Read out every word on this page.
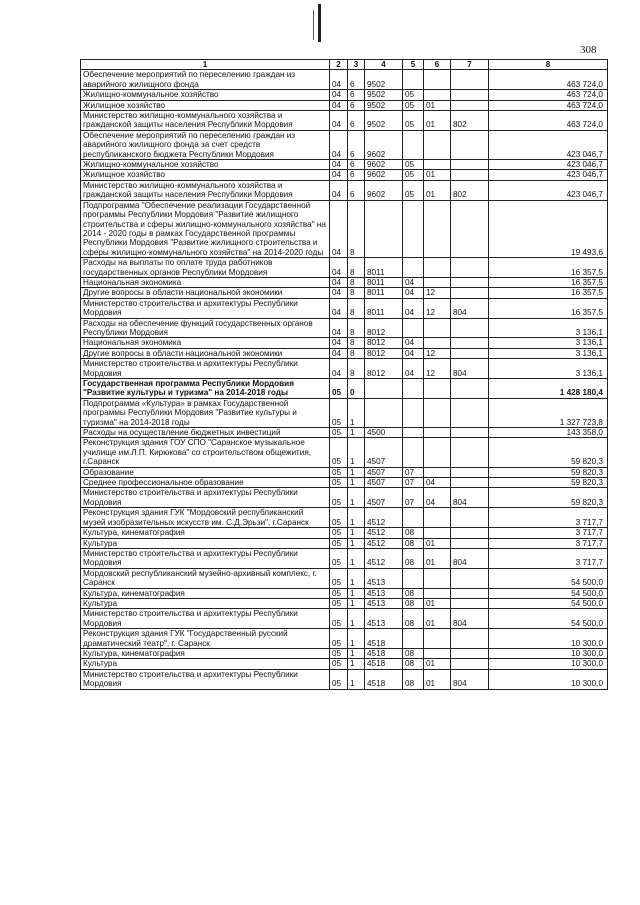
308
1	2	3	4	5	6	7	8
Обеспечение мероприятий по переселению граждан из аварийного жилищного фонда	04	6	9502				463 724,0
Жилищно-коммунальное хозяйство	04	6	9502	05			463 724,0
Жилищное хозяйство	04	6	9502	05	01		463 724,0
Министерство жилищно-коммунального хозяйства и гражданской защиты населения Республики Мордовия	04	6	9502	05	01	802	463 724,0
Обеспечение мероприятий по переселению граждан из аварийного жилищного фонда за счет средств республиканского бюджета Республики Мордовия	04	6	9602				423 046,7
Жилищно-коммунальное хозяйство	04	6	9602	05			423 046,7
Жилищное хозяйство	04	6	9602	05	01		423 046,7
Министерство жилищно-коммунального хозяйства и гражданской защиты населения Республики Мордовия	04	6	9602	05	01	802	423 046,7
Подпрограмма "Обеспечение реализации Государственной программы Республики Мордовия "Развитие жилищного строительства и сферы жилищно-коммунального хозяйства" на 2014 - 2020 годы в рамках Государственной программы Республики Мордовия "Развитие жилищного строительства и сферы жилищно-коммунального хозяйства" на 2014-2020 годы	04	8					19 493,6
Расходы на выплаты по оплате труда работников государственных органов Республики Мордовия	04	8	8011				16 357,5
Национальная экономика	04	8	8011	04			16 357,5
Другие вопросы в области национальной экономики	04	8	8011	04	12		16 357,5
Министерство строительства и архитектуры Республики Мордовия	04	8	8011	04	12	804	16 357,5
Расходы на обеспечение функций государственных органов Республики Мордовия	04	8	8012				3 136,1
Национальная экономика	04	8	8012	04			3 136,1
Другие вопросы в области национальной экономики	04	8	8012	04	12		3 136,1
Министерство строительства и архитектуры Республики Мордовия	04	8	8012	04	12	804	3 136,1
Государственная программа Республики Мордовия "Развитие культуры и туризма" на 2014-2018 годы	05	0					1 428 180,4
Подпрограмма «Культура» в рамках Государственной программы Республики Мордовия "Развитие культуры и туризма" на 2014-2018 годы	05	1					1 327 723,8
Расходы на осуществление бюджетных инвестиций	05	1	4500				143 358,0
Реконструкция здания ГОУ СПО "Саранское музыкальное училище им.Л.П. Кирюкова" со строительством общежития, г.Саранск	05	1	4507				59 820,3
Образование	05	1	4507	07			59 820,3
Среднее профессиональное образование	05	1	4507	07	04		59 820,3
Министерство строительства и архитектуры Республики Мордовия	05	1	4507	07	04	804	59 820,3
Реконструкция здания ГУК "Мордовский республиканский музей изобразительных искусств им. С.Д.Эрьзи", г.Саранск	05	1	4512				3 717,7
Культура, кинематография	05	1	4512	08			3 717,7
Культура	05	1	4512	08	01		3 717,7
Министерство строительства и архитектуры Республики Мордовия	05	1	4512	08	01	804	3 717,7
Мордовский республиканский музейно-архивный комплекс, г. Саранск	05	1	4513				54 500,0
Культура, кинематография	05	1	4513	08			54 500,0
Культура	05	1	4513	08	01		54 500,0
Министерство строительства и архитектуры Республики Мордовия	05	1	4513	08	01	804	54 500,0
Реконструкция здания ГУК "Государственный русский драматический театр", г. Саранск	05	1	4518				10 300,0
Культура, кинематография	05	1	4518	08			10 300,0
Культура	05	1	4518	08	01		10 300,0
Министерство строительства и архитектуры Республики Мордовия	05	1	4518	08	01	804	10 300,0
